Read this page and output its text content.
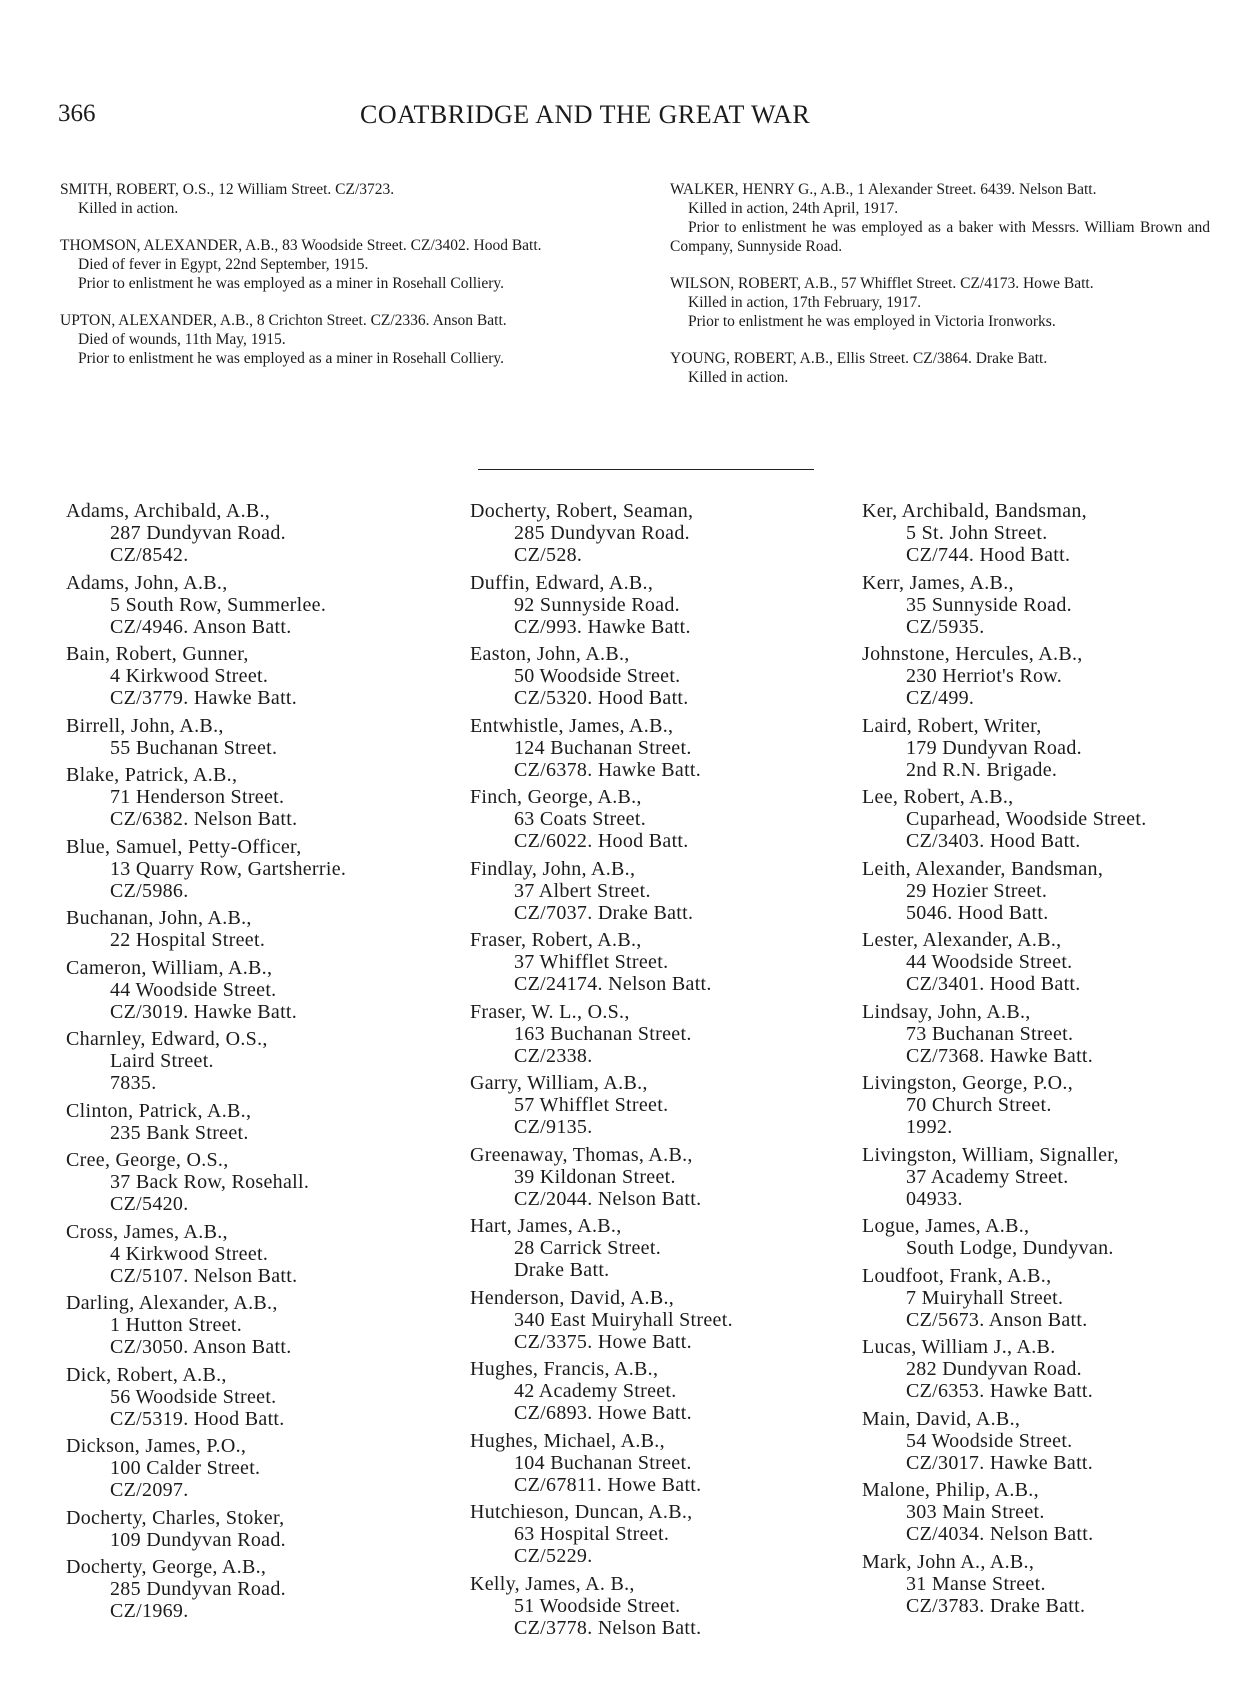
366	COATBRIDGE AND THE GREAT WAR
SMITH, ROBERT, O.S., 12 William Street. CZ/3723.
Killed in action.
THOMSON, ALEXANDER, A.B., 83 Woodside Street. CZ/3402. Hood Batt.
Died of fever in Egypt, 22nd September, 1915.
Prior to enlistment he was employed as a miner in Rosehall Colliery.
UPTON, ALEXANDER, A.B., 8 Crichton Street. CZ/2336. Anson Batt.
Died of wounds, 11th May, 1915.
Prior to enlistment he was employed as a miner in Rosehall Colliery.
WALKER, HENRY G., A.B., 1 Alexander Street. 6439. Nelson Batt.
Killed in action, 24th April, 1917.
Prior to enlistment he was employed as a baker with Messrs. William Brown and Company, Sunnyside Road.
WILSON, ROBERT, A.B., 57 Whifflet Street. CZ/4173. Howe Batt.
Killed in action, 17th February, 1917.
Prior to enlistment he was employed in Victoria Ironworks.
YOUNG, ROBERT, A.B., Ellis Street. CZ/3864. Drake Batt.
Killed in action.
Adams, Archibald, A.B.,
287 Dundyvan Road.
CZ/8542.
Adams, John, A.B.,
5 South Row, Summerlee.
CZ/4946. Anson Batt.
Bain, Robert, Gunner,
4 Kirkwood Street.
CZ/3779. Hawke Batt.
Birrell, John, A.B.,
55 Buchanan Street.
Blake, Patrick, A.B.,
71 Henderson Street.
CZ/6382. Nelson Batt.
Blue, Samuel, Petty-Officer,
13 Quarry Row, Gartsherrie.
CZ/5986.
Buchanan, John, A.B.,
22 Hospital Street.
Cameron, William, A.B.,
44 Woodside Street.
CZ/3019. Hawke Batt.
Charnley, Edward, O.S.,
Laird Street.
7835.
Clinton, Patrick, A.B.,
235 Bank Street.
Cree, George, O.S.,
37 Back Row, Rosehall.
CZ/5420.
Cross, James, A.B.,
4 Kirkwood Street.
CZ/5107. Nelson Batt.
Darling, Alexander, A.B.,
1 Hutton Street.
CZ/3050. Anson Batt.
Dick, Robert, A.B.,
56 Woodside Street.
CZ/5319. Hood Batt.
Dickson, James, P.O.,
100 Calder Street.
CZ/2097.
Docherty, Charles, Stoker,
109 Dundyvan Road.
Docherty, George, A.B.,
285 Dundyvan Road.
CZ/1969.
Docherty, Robert, Seaman,
285 Dundyvan Road.
CZ/528.
Duffin, Edward, A.B.,
92 Sunnyside Road.
CZ/993. Hawke Batt.
Easton, John, A.B.,
50 Woodside Street.
CZ/5320. Hood Batt.
Entwhistle, James, A.B.,
124 Buchanan Street.
CZ/6378. Hawke Batt.
Finch, George, A.B.,
63 Coats Street.
CZ/6022. Hood Batt.
Findlay, John, A.B.,
37 Albert Street.
CZ/7037. Drake Batt.
Fraser, Robert, A.B.,
37 Whifflet Street.
CZ/24174. Nelson Batt.
Fraser, W. L., O.S.,
163 Buchanan Street.
CZ/2338.
Garry, William, A.B.,
57 Whifflet Street.
CZ/9135.
Greenaway, Thomas, A.B.,
39 Kildonan Street.
CZ/2044. Nelson Batt.
Hart, James, A.B.,
28 Carrick Street.
Drake Batt.
Henderson, David, A.B.,
340 East Muiryhall Street.
CZ/3375. Howe Batt.
Hughes, Francis, A.B.,
42 Academy Street.
CZ/6893. Howe Batt.
Hughes, Michael, A.B.,
104 Buchanan Street.
CZ/67811. Howe Batt.
Hutchieson, Duncan, A.B.,
63 Hospital Street.
CZ/5229.
Kelly, James, A. B.,
51 Woodside Street.
CZ/3778. Nelson Batt.
Ker, Archibald, Bandsman,
5 St. John Street.
CZ/744. Hood Batt.
Kerr, James, A.B.,
35 Sunnyside Road.
CZ/5935.
Johnstone, Hercules, A.B.,
230 Herriot's Row.
CZ/499.
Laird, Robert, Writer,
179 Dundyvan Road.
2nd R.N. Brigade.
Lee, Robert, A.B.,
Cuparhead, Woodside Street.
CZ/3403. Hood Batt.
Leith, Alexander, Bandsman,
29 Hozier Street.
5046. Hood Batt.
Lester, Alexander, A.B.,
44 Woodside Street.
CZ/3401. Hood Batt.
Lindsay, John, A.B.,
73 Buchanan Street.
CZ/7368. Hawke Batt.
Livingston, George, P.O.,
70 Church Street.
1992.
Livingston, William, Signaller,
37 Academy Street.
04933.
Logue, James, A.B.,
South Lodge, Dundyvan.
Loudfoot, Frank, A.B.,
7 Muiryhall Street.
CZ/5673. Anson Batt.
Lucas, William J., A.B.
282 Dundyvan Road.
CZ/6353. Hawke Batt.
Main, David, A.B.,
54 Woodside Street.
CZ/3017. Hawke Batt.
Malone, Philip, A.B.,
303 Main Street.
CZ/4034. Nelson Batt.
Mark, John A., A.B.,
31 Manse Street.
CZ/3783. Drake Batt.
